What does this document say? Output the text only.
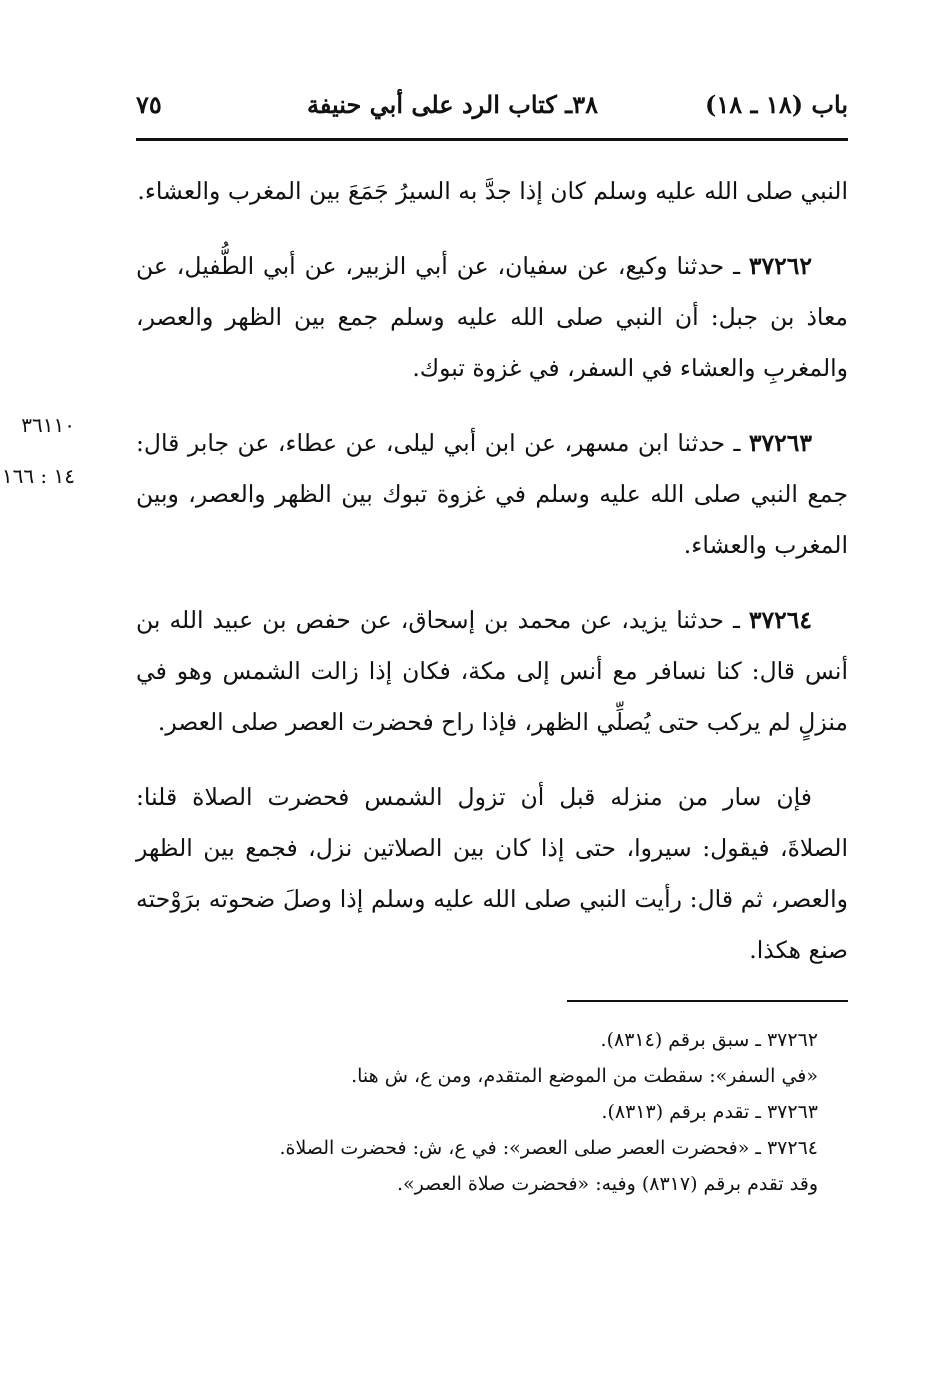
باب (١٨ ـ ١٨)
٣٨ـ كتاب الرد على أبي حنيفة
٧٥
٣٦١١٠
١٤ : ١٦٦

النبي صلى الله عليه وسلم كان إذا جدَّ به السيرُ جَمَعَ بين المغرب والعشاء.

٣٧٢٦٢ ـ حدثنا وكيع، عن سفيان، عن أبي الزبير، عن أبي الطُّفيل، عن معاذ بن جبل: أن النبي صلى الله عليه وسلم جمع بين الظهر والعصر، والمغربِ والعشاء في السفر، في غزوة تبوك.

٣٧٢٦٣ ـ حدثنا ابن مسهر، عن ابن أبي ليلى، عن عطاء، عن جابر قال: جمع النبي صلى الله عليه وسلم في غزوة تبوك بين الظهر والعصر، وبين المغرب والعشاء.

٣٧٢٦٤ ـ حدثنا يزيد، عن محمد بن إسحاق، عن حفص بن عبيد الله بن أنس قال: كنا نسافر مع أنس إلى مكة، فكان إذا زالت الشمس وهو في منزلٍ لم يركب حتى يُصلِّي الظهر، فإذا راح فحضرت العصر صلى العصر.

فإن سار من منزله قبل أن تزول الشمس فحضرت الصلاة قلنا: الصلاةَ، فيقول: سيروا، حتى إذا كان بين الصلاتين نزل، فجمع بين الظهر والعصر، ثم قال: رأيت النبي صلى الله عليه وسلم إذا وصلَ ضحوته برَوْحته صنع هكذا.

٣٧٢٦٢ ـ سبق برقم (٨٣١٤).
«في السفر»: سقطت من الموضع المتقدم، ومن ع، ش هنا.
٣٧٢٦٣ ـ تقدم برقم (٨٣١٣).
٣٧٢٦٤ ـ «فحضرت العصر صلى العصر»: في ع، ش: فحضرت الصلاة.
وقد تقدم برقم (٨٣١٧) وفيه: «فحضرت صلاة العصر».
